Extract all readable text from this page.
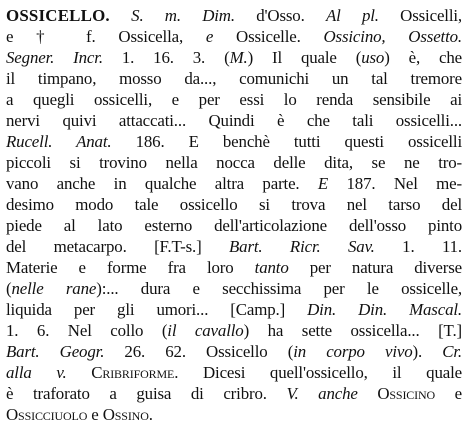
OSSICELLO. S. m. Dim. d'Osso. Al pl. Ossicelli,
e † f. Ossicella, e Ossicelle. Ossicino, Ossetto.
Segner. Incr. 1. 16. 3. (M.) Il quale (uso) è, che
il timpano, mosso da..., comunichi un tal tremore
a quegli ossicelli, e per essi lo renda sensibile ai
nervi quivi attaccati... Quindi è che tali ossicelli...
Rucell. Anat. 186. E benchè tutti questi ossicelli
piccoli si trovino nella nocca delle dita, se ne tro-
vano anche in qualche altra parte. E 187. Nel me-
desimo modo tale ossicello si trova nel tarso del
piede al lato esterno dell'articolazione dell'osso pinto
del metacarpo. [F.T-s.] Bart. Ricr. Sav. 1. 11.
Materie e forme fra loro tanto per natura diverse
(nelle rane):... dura e secchissima per le ossicelle,
liquida per gli umori... [Camp.] Din. Din. Mascal.
1. 6. Nel collo (il cavallo) ha sette ossicella... [T.]
Bart. Geogr. 26. 62. Ossicello (in corpo vivo). Cr.
alla v. Cribriforme. Dicesi quell'ossicello, il quale
è traforato a guisa di cribro. V. anche Ossicino e
Ossicciuolo e Ossino.
